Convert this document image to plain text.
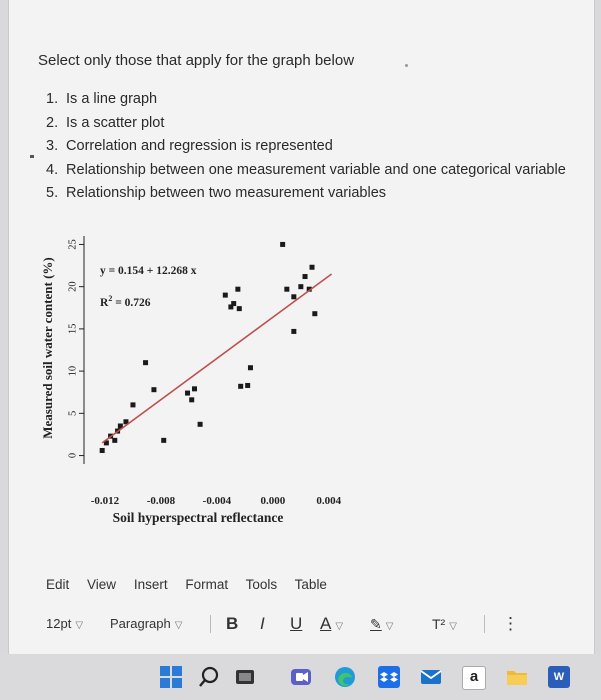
Select only those that apply for the graph below
1. Is a line graph
2. Is a scatter plot
3. Correlation and regression is represented
4. Relationship between one measurement variable and one categorical variable
5. Relationship between two measurement variables
0
5
10
15
20
25
-0.012	-0.008	-0.004	0.000	0.004
y = 0.154 + 12.268 x
$R^2 = 0.726$
Measured soil water content (%)
Soil hyperspectral reflectance
Edit View Insert Format Tools Table
12pt ▽ Paragraph ▽	B I U A ▽ ✎ ▽	T² ▽	⋮
a	W
